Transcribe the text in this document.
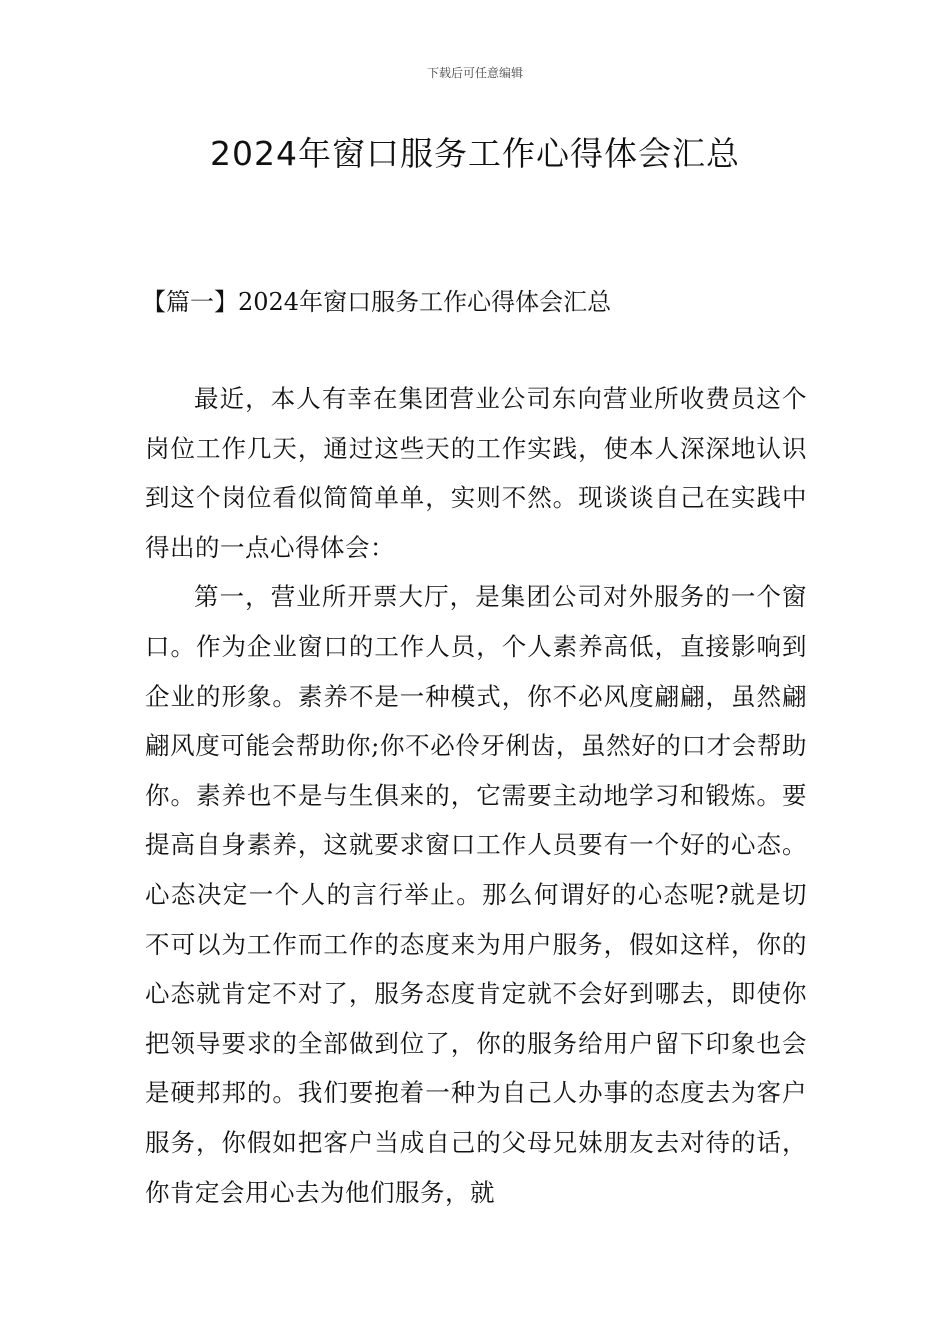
下载后可任意编辑
2024年窗口服务工作心得体会汇总
【篇一】2024年窗口服务工作心得体会汇总

最近，本人有幸在集团营业公司东向营业所收费员这个岗位工作几天，通过这些天的工作实践，使本人深深地认识到这个岗位看似简简单单，实则不然。现谈谈自己在实践中得出的一点心得体会：

第一，营业所开票大厅，是集团公司对外服务的一个窗口。作为企业窗口的工作人员，个人素养高低，直接影响到企业的形象。素养不是一种模式，你不必风度翩翩，虽然翩翩风度可能会帮助你;你不必伶牙俐齿，虽然好的口才会帮助你。素养也不是与生俱来的，它需要主动地学习和锻炼。要提高自身素养，这就要求窗口工作人员要有一个好的心态。心态决定一个人的言行举止。那么何谓好的心态呢?就是切不可以为工作而工作的态度来为用户服务，假如这样，你的心态就肯定不对了，服务态度肯定就不会好到哪去，即使你把领导要求的全部做到位了，你的服务给用户留下印象也会是硬邦邦的。我们要抱着一种为自己人办事的态度去为客户服务，你假如把客户当成自己的父母兄妹朋友去对待的话，你肯定会用心去为他们服务，就
